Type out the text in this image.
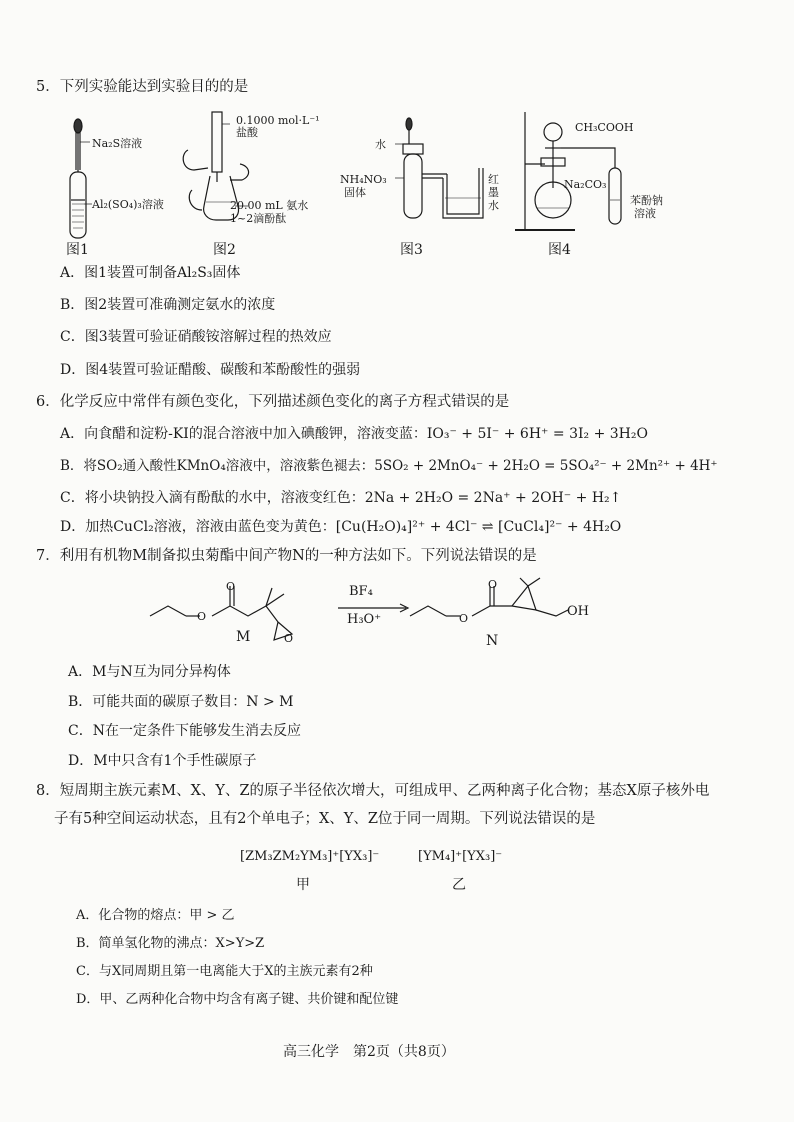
5．下列实验能达到实验目的的是
Na₂S溶液
Al₂(SO₄)₃溶液
图1
0.1000 mol·L⁻¹
盐酸
20.00 mL 氨水
1~2滴酚酞
图2
水
NH₄NO₃
固体
红
墨
水
图3
CH₃COOH
Na₂CO₃
苯酚钠
溶液
图4
A．图1装置可制备Al₂S₃固体
B．图2装置可准确测定氨水的浓度
C．图3装置可验证硝酸铵溶解过程的热效应
D．图4装置可验证醋酸、碳酸和苯酚酸性的强弱
6．化学反应中常伴有颜色变化，下列描述颜色变化的离子方程式错误的是
A．向食醋和淀粉-KI的混合溶液中加入碘酸钾，溶液变蓝：IO₃⁻ + 5I⁻ + 6H⁺ = 3I₂ + 3H₂O
B．将SO₂通入酸性KMnO₄溶液中，溶液紫色褪去：5SO₂ + 2MnO₄⁻ + 2H₂O = 5SO₄²⁻ + 2Mn²⁺ + 4H⁺
C．将小块钠投入滴有酚酞的水中，溶液变红色：2Na + 2H₂O = 2Na⁺ + 2OH⁻ + H₂↑
D．加热CuCl₂溶液，溶液由蓝色变为黄色：[Cu(H₂O)₄]²⁺ + 4Cl⁻ ⇌ [CuCl₄]²⁻ + 4H₂O
7．利用有机物M制备拟虫菊酯中间产物N的一种方法如下。下列说法错误的是
O
O
O
M
BF₄
H₃O⁺	O
O
OH
N
A．M与N互为同分异构体
B．可能共面的碳原子数目：N > M
C．N在一定条件下能够发生消去反应
D．M中只含有1个手性碳原子
8．短周期主族元素M、X、Y、Z的原子半径依次增大，可组成甲、乙两种离子化合物；基态X原子核外电
子有5种空间运动状态，且有2个单电子；X、Y、Z位于同一周期。下列说法错误的是
[ZM₃ZM₂YM₃]⁺[YX₃]⁻
甲
[YM₄]⁺[YX₃]⁻
乙
A．化合物的熔点：甲 > 乙
B．简单氢化物的沸点：X>Y>Z
C．与X同周期且第一电离能大于X的主族元素有2种
D．甲、乙两种化合物中均含有离子键、共价键和配位键
高三化学　第2页（共8页）
